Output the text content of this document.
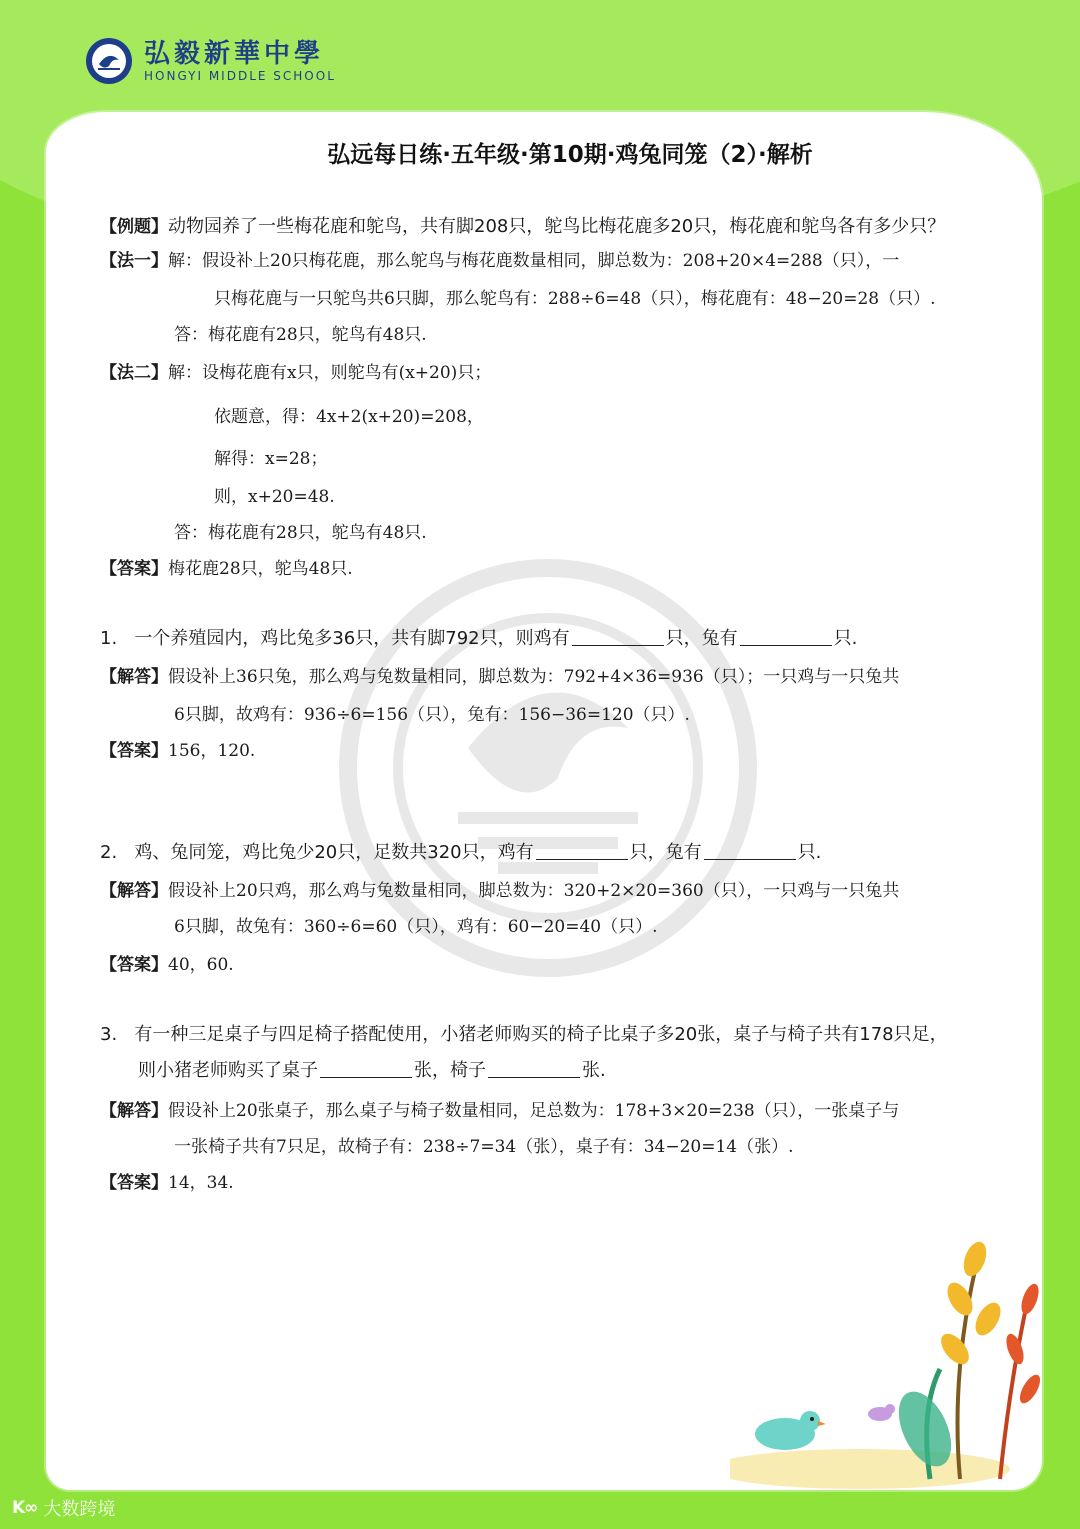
弘毅新華中學
HONGYI MIDDLE SCHOOL
弘远每日练·五年级·第10期·鸡兔同笼（2）·解析
【例题】动物园养了一些梅花鹿和鸵鸟，共有脚208只，鸵鸟比梅花鹿多20只，梅花鹿和鸵鸟各有多少只？
【法一】解：假设补上20只梅花鹿，那么鸵鸟与梅花鹿数量相同，脚总数为：208+20×4=288（只），一
只梅花鹿与一只鸵鸟共6只脚，那么鸵鸟有：288÷6=48（只），梅花鹿有：48−20=28（只）.
答：梅花鹿有28只，鸵鸟有48只.
【法二】解：设梅花鹿有x只，则鸵鸟有(x+20)只；
依题意，得：4x+2(x+20)=208，
解得：x=28；
则，x+20=48.
答：梅花鹿有28只，鸵鸟有48只.
【答案】梅花鹿28只，鸵鸟48只.
1. 一个养殖园内，鸡比兔多36只，共有脚792只，则鸡有	只，兔有	只.
【解答】假设补上36只兔，那么鸡与兔数量相同，脚总数为：792+4×36=936（只）；一只鸡与一只兔共
6只脚，故鸡有：936÷6=156（只），兔有：156−36=120（只）.
【答案】156，120.
2. 鸡、兔同笼，鸡比兔少20只，足数共320只，鸡有	只，兔有	只.
【解答】假设补上20只鸡，那么鸡与兔数量相同，脚总数为：320+2×20=360（只），一只鸡与一只兔共
6只脚，故兔有：360÷6=60（只），鸡有：60−20=40（只）.
【答案】40，60.
3. 有一种三足桌子与四足椅子搭配使用，小猪老师购买的椅子比桌子多20张，桌子与椅子共有178只足，
则小猪老师购买了桌子	张，椅子	张.
【解答】假设补上20张桌子，那么桌子与椅子数量相同，足总数为：178+3×20=238（只），一张桌子与
一张椅子共有7只足，故椅子有：238÷7=34（张），桌子有：34−20=14（张）.
【答案】14，34.
K∞ 大数跨境
